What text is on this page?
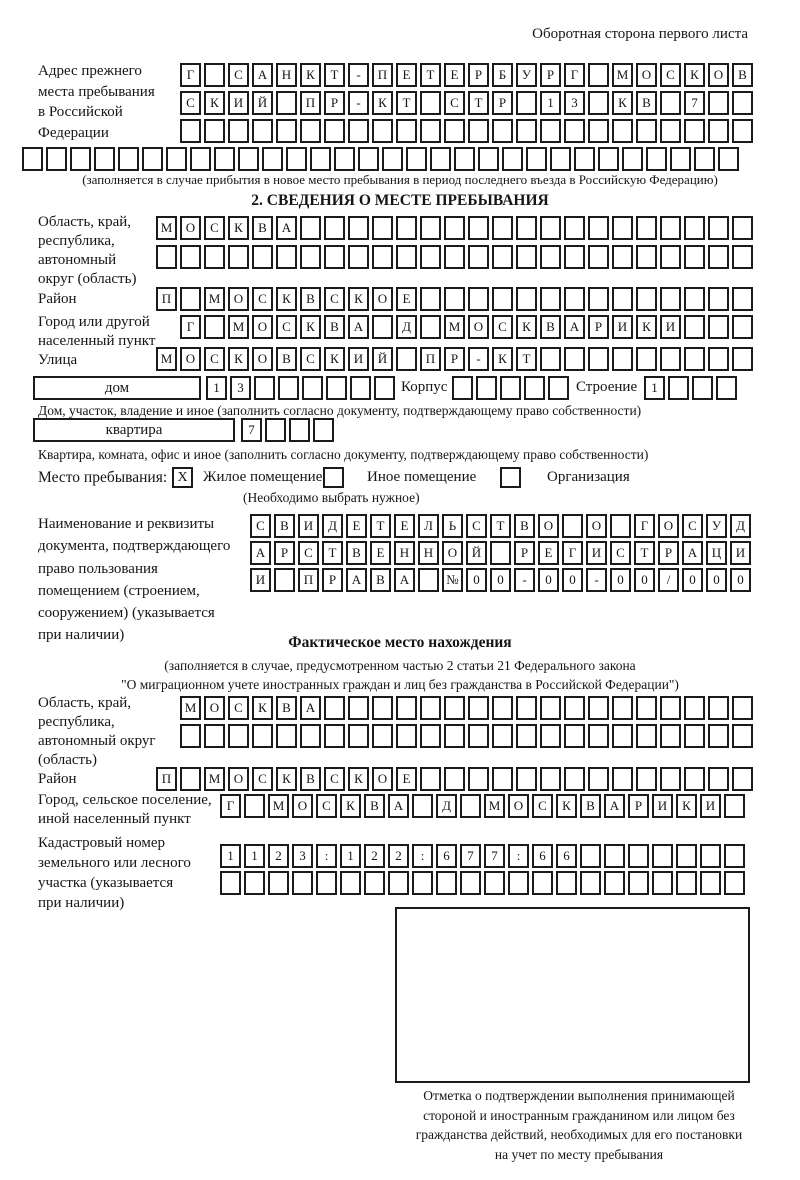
Оборотная сторона первого листа
Адрес прежнего
места пребывания
в Российской
Федерации
Г	С А Н К Т - П Е Т Е Р Б У Р Г	М О С К О В
С К И Й	П Р - К Т	С Т Р	1 3	К В	7
(заполняется в случае прибытия в новое место пребывания в период последнего въезда в Российскую Федерацию)
2. СВЕДЕНИЯ О МЕСТЕ ПРЕБЫВАНИЯ
Область, край,
республика,
автономный
округ (область)
М О С К В А
Район	П	М О С К В С К О Е
Город или другой
населенный пункт
Г	М О С К В А	Д	М О С К В А Р И К И
Улица	М О С К О В С К И Й	П Р - К Т
дом	1 3	Корпус	Строение	1
Дом, участок, владение и иное (заполнить согласно документу, подтверждающему право собственности)
квартира	7
Квартира, комната, офис и иное (заполнить согласно документу, подтверждающему право собственности)
Место пребывания: Х	Жилое помещение	Иное помещение	Организация
(Необходимо выбрать нужное)
Наименование и реквизиты
документа, подтверждающего
право пользования
помещением (строением,
сооружением) (указывается
при наличии)
С В И Д Е Т Е Л Ь С Т В О	О	Г О С У Д
А Р С Т В Е Н Н О Й	Р Е Г И С Т Р А Ц И
И	П Р А В А	№ 0 0 - 0 0 - 0 0 / 0 0 0
Фактическое место нахождения
(заполняется в случае, предусмотренном частью 2 статьи 21 Федерального закона
"О миграционном учете иностранных граждан и лиц без гражданства в Российской Федерации")
Область, край,
республика,
автономный округ
(область)
М О С К В А
Район	П	М О С К В С К О Е
Город, сельское поселение,
иной населенный пункт
Г	М О С К В А	Д	М О С К В А Р И К И
Кадастровый номер
земельного или лесного
участка (указывается
при наличии)
1 1 2 3 : 1 2 2 : 6 7 7 : 6 6
Отметка о подтверждении выполнения принимающей
стороной и иностранным гражданином или лицом без
гражданства действий, необходимых для его постановки
на учет по месту пребывания
